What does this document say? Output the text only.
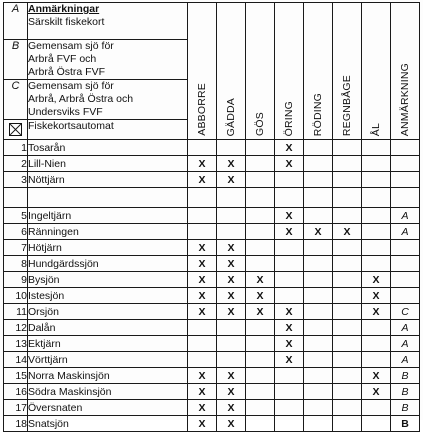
A	Anmärkningar
Särskilt fiskekort	ABBORRE	GÄDDA	GÖS	ÖRING	RÖDING	REGNBÅGE	ÅL	ANMÄRKNING

B	Gemensam sjö för
Arbrå FVF och
Arbrå Östra FVF								

C	Gemensam sjö för
Arbrå, Arbrå Östra och
Undersviks FVF								

	Fiskekortsautomat								

1	Tosarån				X				
2	Lill-Nien	X	X		X				
3	Nöttjärn	X	X						

5	Ingeltjärn				X				A
6	Ränningen				X	X	X		A
7	Hötjärn	X	X						
8	Hundgärdssjön	X	X						
9	Bysjön	X	X	X				X	
10	Istesjön	X	X	X				X	
11	Orsjön	X	X	X	X			X	C
12	Dalån				X				A
13	Ektjärn				X				A
14	Vörttjärn				X				A
15	Norra Maskinsjön	X	X					X	B
16	Södra Maskinsjön	X	X					X	B
17	Översnaten	X	X						B
18	Snatsjön	X	X						B
